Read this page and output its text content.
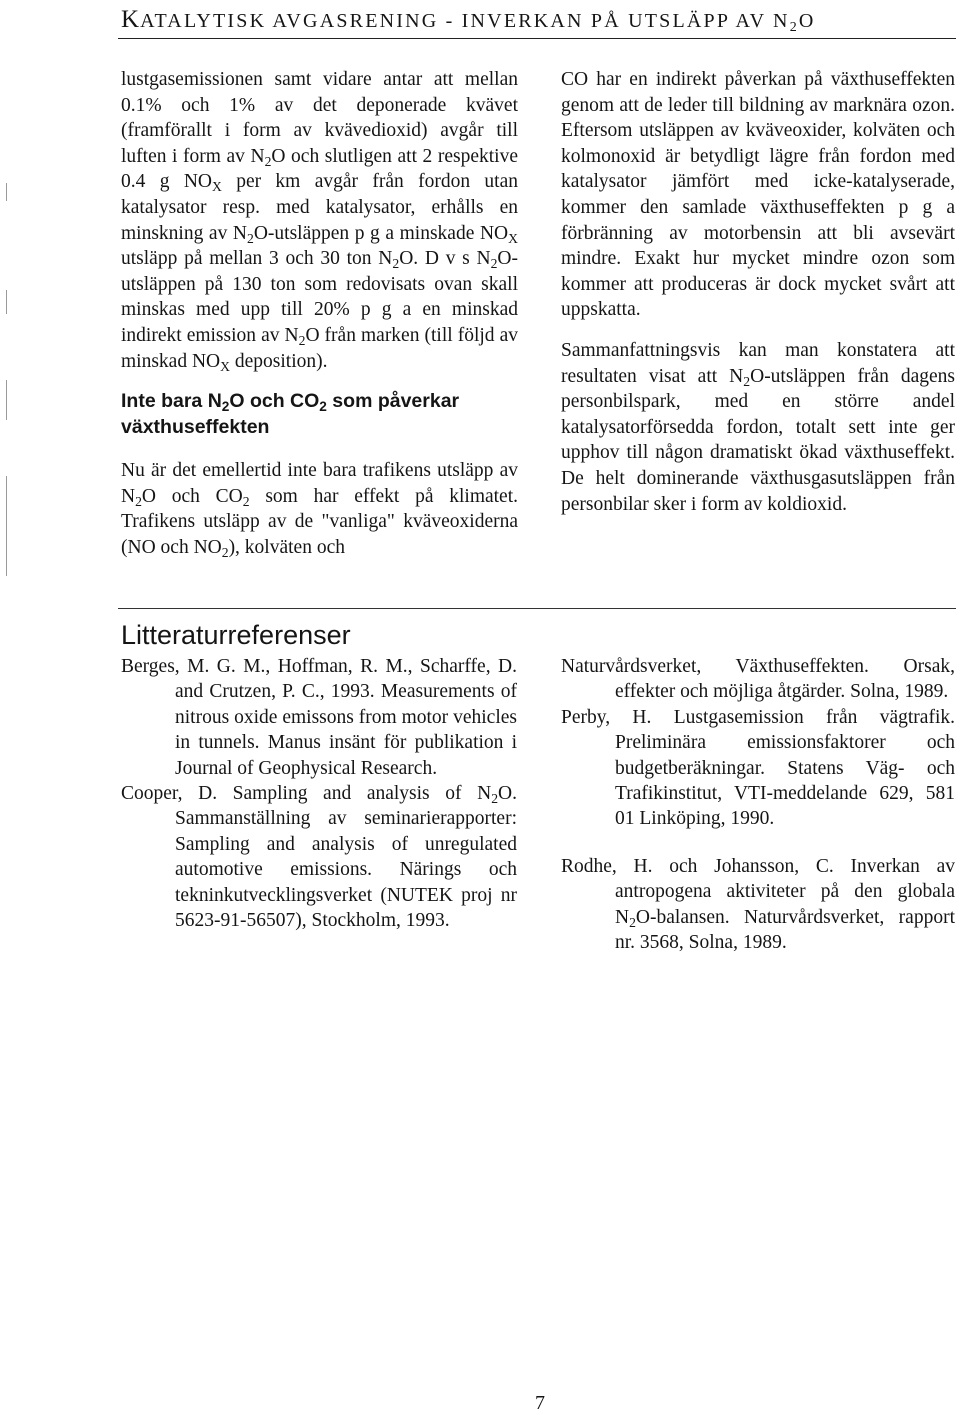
KATALYTISK AVGASRENING - INVERKAN PÅ UTSLÄPP AV $N_2O$

lustgasemissionen samt vidare antar att mellan 0.1% och 1% av det deponerade kvävet (framförallt i form av kvävedioxid) avgår till luften i form av $N_2O$ och slutligen att 2 respektive 0.4 g $NO_X$ per km avgår från fordon utan katalysator resp. med katalysator, erhålls en minskning av $N_2O$-utsläppen p g a minskade $NO_X$ utsläpp på mellan 3 och 30 ton $N_2O$. D v s $N_2O$-utsläppen på 130 ton som redovisats ovan skall minskas med upp till 20% p g a en minskad indirekt emission av $N_2O$ från marken (till följd av minskad $NO_X$ deposition).

Inte bara $N_2O$ och $CO_2$ som påverkar växthuseffekten

Nu är det emellertid inte bara trafikens utsläpp av $N_2O$ och $CO_2$ som har effekt på klimatet. Trafikens utsläpp av de "vanliga" kväveoxiderna (NO och $NO_2$), kolväten och

CO har en indirekt påverkan på växthuseffekten genom att de leder till bildning av marknära ozon. Eftersom utsläppen av kväveoxider, kolväten och kolmonoxid är betydligt lägre från fordon med katalysator jämfört med icke-katalyserade, kommer den samlade växthuseffekten p g a förbränning av motorbensin att bli avsevärt mindre. Exakt hur mycket mindre ozon som kommer att produceras är dock mycket svårt att uppskatta.

Sammanfattningsvis kan man konstatera att resultaten visat att $N_2O$-utsläppen från dagens personbilspark, med en större andel katalysatorförsedda fordon, totalt sett inte ger upphov till någon dramatiskt ökad växthuseffekt. De helt dominerande växthusgasutsläppen från personbilar sker i form av koldioxid.

Litteraturreferenser

Berges, M. G. M., Hoffman, R. M., Scharffe, D. and Crutzen, P. C., 1993. Measurements of nitrous oxide emissons from motor vehicles in tunnels. Manus insänt för publikation i Journal of Geophysical Research.

Cooper, D. Sampling and analysis of $N_2O$. Sammanställning av seminarierapporter: Sampling and analysis of unregulated automotive emissions. Närings och tekninkutvecklingsverket (NUTEK proj nr 5623-91-56507), Stockholm, 1993.

Naturvårdsverket, Växthuseffekten. Orsak, effekter och möjliga åtgärder. Solna, 1989.

Perby, H. Lustgasemission från vägtrafik. Preliminära emissionsfaktorer och budgetberäkningar. Statens Väg- och Trafikinstitut, VTI-meddelande 629, 581 01 Linköping, 1990.

Rodhe, H. och Johansson, C. Inverkan av antropogena aktiviteter på den globala $N_2O$-balansen. Naturvårdsverket, rapport nr. 3568, Solna, 1989.

7
